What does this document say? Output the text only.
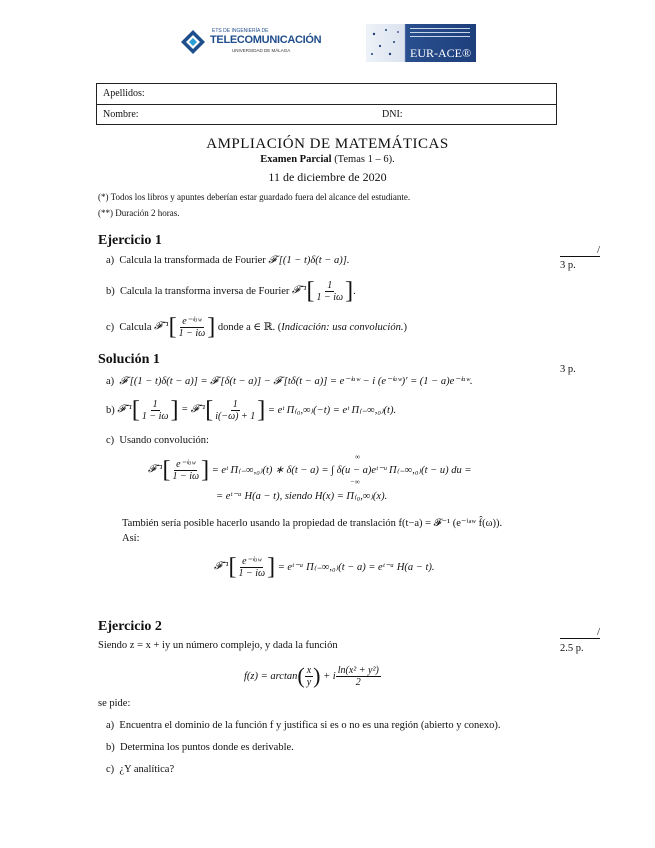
ETS DE INGENIERÍA DE
TELECOMUNICACIÓN
UNIVERSIDAD DE MÁLAGA	EUR-ACE®
Apellidos:
Nombre:	DNI:
AMPLIACIÓN DE MATEMÁTICAS
Examen Parcial (Temas 1 – 6).
11 de diciembre de 2020
(*) Todos los libros y apuntes deberían estar guardado fuera del alcance del estudiante.
(**) Duración 2 horas.
Ejercicio 1
/
3 p.
a) Calcula la transformada de Fourier 𝓕 [(1 − t)δ(t − a)].
b)
Calcula la transforma inversa de Fourier
𝓕⁻¹ [ $\frac{1}{1 - i\omega}$ ] .
c)
Calcula
𝓕⁻¹ [ $\frac{\text{e⁻ⁱᵃʷ}}{1 - i\omega}$ ]
donde a ∈ ℝ. ( Indicación: usa convolución. )
Solución 1
3 p.
a) 𝓕 [(1 − t)δ(t − a)] = 𝓕 [δ(t − a)] − 𝓕 [tδ(t − a)] = e⁻ⁱᵃʷ − i (e⁻ⁱᵃʷ)′ = (1 − a)e⁻ⁱᵃʷ.
b)
𝓕⁻¹ [ $\frac{1}{1 - i\omega}$ ]
= 𝓕⁻¹ [ $\frac{1}{i(-\omega) + 1}$ ]
= eᵗ Π₍₀,∞₎(−t) = eᵗ Π₍₋∞,₀₎(t).
c) Usando convolución:
𝓕⁻¹ [ $\frac{\text{e⁻ⁱᵃʷ}}{1 - i\omega}$ ]
= eᵗ Π₍₋∞,₀₎(t) ∗ δ(t − a) = ∫ δ(u − a)eᵗ⁻ᵘ Π₍₋∞,₀₎(t − u) du =
∞
−∞
= eᵗ⁻ᵃ H(a − t), siendo H(x) = Π₍₀,∞₎(x).
También sería posible hacerlo usando la propiedad de translación f(t−a) = 𝓕⁻¹ (e⁻ⁱᵃʷ f̂(ω)).
Así:
𝓕⁻¹ [ $\frac{\text{e⁻ⁱᵃʷ}}{1 - i\omega}$ ]
= eᵗ⁻ᵃ Π₍₋∞,₀₎(t − a) = eᵗ⁻ᵃ H(a − t).
Ejercicio 2	/
2.5 p.
Siendo z = x + iy un número complejo, y dada la función
f(z) = arctan ( $\frac{x}{y}$ )
+ i $\frac{\text{ln(x² + y²)}}{2}$
se pide:
a) Encuentra el dominio de la función f y justifica si es o no es una región (abierto y conexo).
b) Determina los puntos donde es derivable.
c) ¿Y analítica?
